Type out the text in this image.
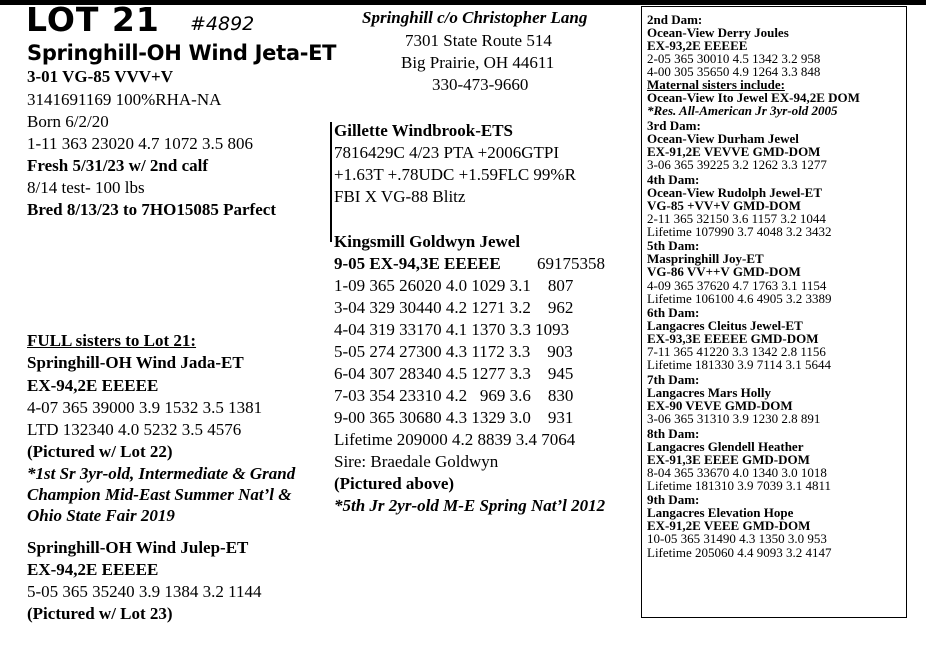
LOT 21 #4892
Springhill-OH Wind Jeta-ET
3-01 VG-85 VVV+V
3141691169 100%RHA-NA
Born 6/2/20
1-11 363 23020 4.7 1072 3.5 806
Fresh 5/31/23 w/ 2nd calf
8/14 test- 100 lbs
Bred 8/13/23 to 7HO15085 Parfect
FULL sisters to Lot 21:
Springhill-OH Wind Jada-ET
EX-94,2E EEEEE
4-07 365 39000 3.9 1532 3.5 1381
LTD 132340 4.0 5232 3.5 4576
(Pictured w/ Lot 22)
*1st Sr 3yr-old, Intermediate & Grand
Champion Mid-East Summer Nat’l &
Ohio State Fair 2019
Springhill-OH Wind Julep-ET
EX-94,2E EEEEE
5-05 365 35240 3.9 1384 3.2 1144
(Pictured w/ Lot 23)
Springhill c/o Christopher Lang
7301 State Route 514
Big Prairie, OH 44611
330-473-9660
Gillette Windbrook-ETS
7816429C 4/23 PTA +2006GTPI
+1.63T +.78UDC +1.59FLC 99%R
FBI X VG-88 Blitz
Kingsmill Goldwyn Jewel
9-05 EX-94,3E EEEEE 69175358
1-09 365 26020 4.0 1029 3.1    807
3-04 329 30440 4.2 1271 3.2    962
4-04 319 33170 4.1 1370 3.3 1093
5-05 274 27300 4.3 1172 3.3    903
6-04 307 28340 4.5 1277 3.3    945
7-03 354 23310 4.2   969 3.6    830
9-00 365 30680 4.3 1329 3.0    931
Lifetime 209000 4.2 8839 3.4 7064
Sire: Braedale Goldwyn
(Pictured above)
*5th Jr 2yr-old M-E Spring Nat’l 2012
2nd Dam:
Ocean-View Derry Joules
EX-93,2E EEEEE
2-05 365 30010 4.5 1342 3.2 958
4-00 305 35650 4.9 1264 3.3 848
Maternal sisters include:
Ocean-View Ito Jewel EX-94,2E DOM
*Res. All-American Jr 3yr-old 2005
3rd Dam:
Ocean-View Durham Jewel
EX-91,2E VEVVE GMD-DOM
3-06 365 39225 3.2 1262 3.3 1277
4th Dam:
Ocean-View Rudolph Jewel-ET
VG-85 +VV+V GMD-DOM
2-11 365 32150 3.6 1157 3.2 1044
Lifetime 107990 3.7 4048 3.2 3432
5th Dam:
Maspringhill Joy-ET
VG-86 VV++V GMD-DOM
4-09 365 37620 4.7 1763 3.1 1154
Lifetime 106100 4.6 4905 3.2 3389
6th Dam:
Langacres Cleitus Jewel-ET
EX-93,3E EEEEE GMD-DOM
7-11 365 41220 3.3 1342 2.8 1156
Lifetime 181330 3.9 7114 3.1 5644
7th Dam:
Langacres Mars Holly
EX-90 VEVE GMD-DOM
3-06 365 31310 3.9 1230 2.8 891
8th Dam:
Langacres Glendell Heather
EX-91,3E EEEE GMD-DOM
8-04 365 33670 4.0 1340 3.0 1018
Lifetime 181310 3.9 7039 3.1 4811
9th Dam:
Langacres Elevation Hope
EX-91,2E VEEE GMD-DOM
10-05 365 31490 4.3 1350 3.0 953
Lifetime 205060 4.4 9093 3.2 4147
